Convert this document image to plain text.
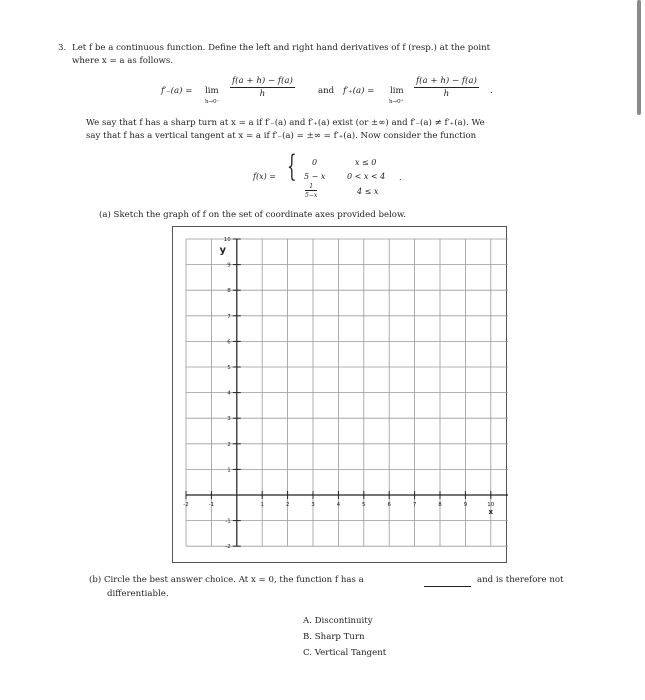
3. Let f be a continuous function. Define the left and right hand derivatives of f (resp.) at the point
where x = a as follows.
f′₋(a) = lim
h→0⁻
$\frac{f(a + h) - f(a)}{h}$	and f′₊(a) = lim
h→0⁺
$\frac{f(a + h) - f(a)}{h}$ .
We say that f has a sharp turn at x = a if f′₋(a) and f′₊(a) exist (or ±∞) and f′₋(a) ≠ f′₊(a). We
say that f has a vertical tangent at x = a if f′₋(a) = ±∞ = f′₊(a). Now consider the function
f(x) = { 0	x ≤ 0
5 − x	0 < x < 4 .
$\frac{1}{5-x}$	4 ≤ x
(a) Sketch the graph of f on the set of coordinate axes provided below.
-2	-1	1	2	3	4	5	6	7	8	9	10
10
9
8
7
6
5
4
3
2
1
-1
-2
y
x
(b) Circle the best answer choice. At x = 0, the function f has a	and is therefore not
differentiable.
A. Discontinuity
B. Sharp Turn
C. Vertical Tangent
